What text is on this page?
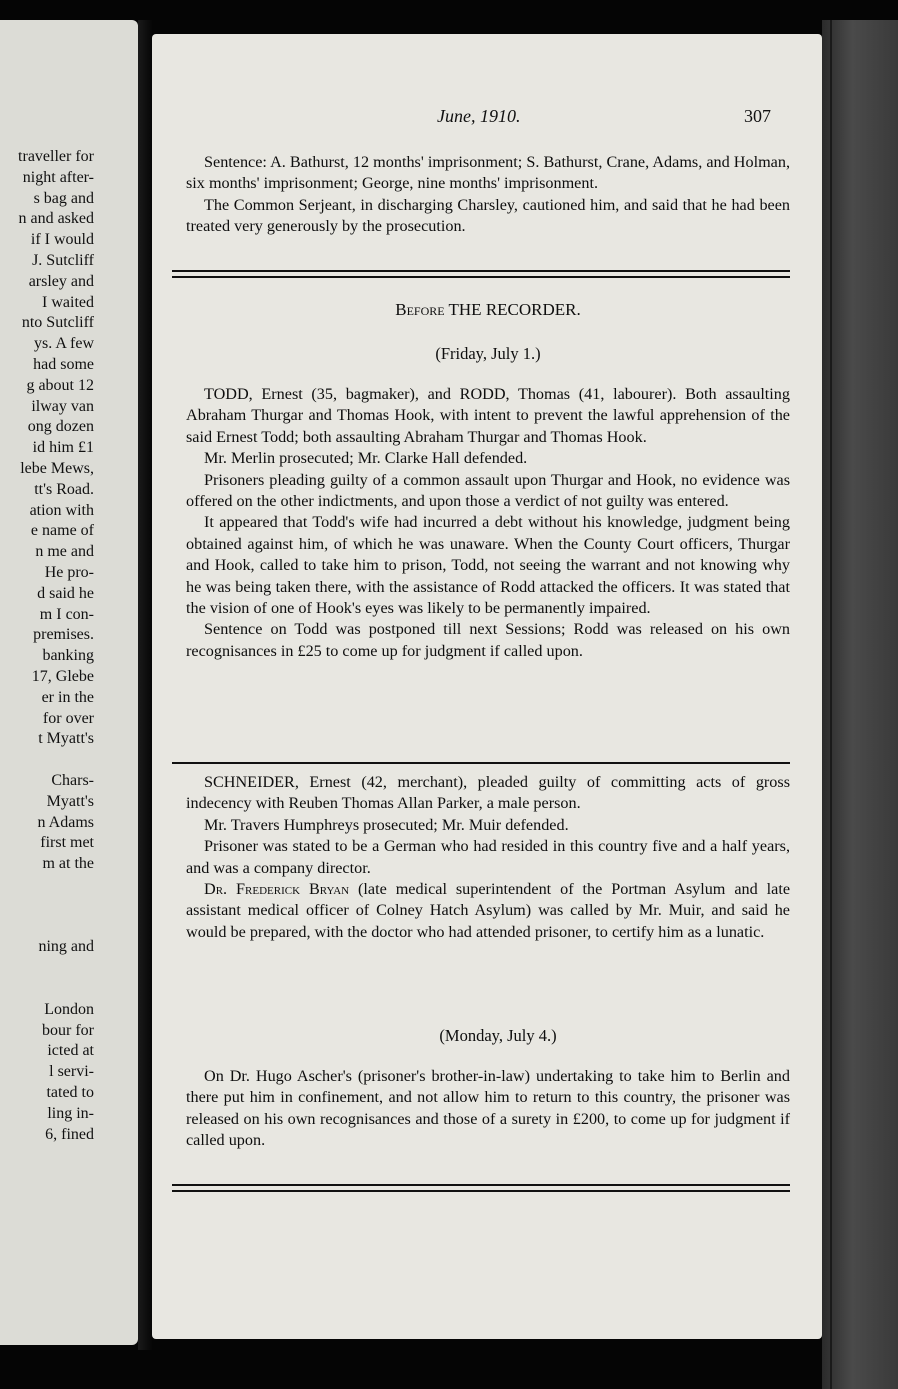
traveller for
night after-
s bag and
n and asked
if I would
J. Sutcliff
arsley and
I waited
nto Sutcliff
ys. A few
had some
g about 12
ilway van
ong dozen
id him £1
lebe Mews,
tt's Road.
ation with
e name of
n me and
He pro-
d said he
m I con-
premises.
banking
17, Glebe
er in the
for over
t Myatt's
Chars-
Myatt's
n Adams
first met
m at the
ning and
London
bour for
icted at
l servi-
tated to
ling in-
6, fined
June, 1910.	307

Sentence: A. Bathurst, 12 months' imprisonment; S. Bathurst, Crane, Adams, and Holman, six months' imprisonment; George, nine months' imprisonment.

The Common Serjeant, in discharging Charsley, cautioned him, and said that he had been treated very generously by the prosecution.

Before THE RECORDER.
(Friday, July 1.)

TODD, Ernest (35, bagmaker), and RODD, Thomas (41, labourer). Both assaulting Abraham Thurgar and Thomas Hook, with intent to prevent the lawful apprehension of the said Ernest Todd; both assaulting Abraham Thurgar and Thomas Hook.

Mr. Merlin prosecuted; Mr. Clarke Hall defended.

Prisoners pleading guilty of a common assault upon Thurgar and Hook, no evidence was offered on the other indictments, and upon those a verdict of not guilty was entered.

It appeared that Todd's wife had incurred a debt without his knowledge, judgment being obtained against him, of which he was unaware. When the County Court officers, Thurgar and Hook, called to take him to prison, Todd, not seeing the warrant and not knowing why he was being taken there, with the assistance of Rodd attacked the officers. It was stated that the vision of one of Hook's eyes was likely to be permanently impaired.

Sentence on Todd was postponed till next Sessions; Rodd was released on his own recognisances in £25 to come up for judgment if called upon.

SCHNEIDER, Ernest (42, merchant), pleaded guilty of committing acts of gross indecency with Reuben Thomas Allan Parker, a male person.

Mr. Travers Humphreys prosecuted; Mr. Muir defended.

Prisoner was stated to be a German who had resided in this country five and a half years, and was a company director.

Dr. Frederick Bryan (late medical superintendent of the Portman Asylum and late assistant medical officer of Colney Hatch Asylum) was called by Mr. Muir, and said he would be prepared, with the doctor who had attended prisoner, to certify him as a lunatic.

(Monday, July 4.)

On Dr. Hugo Ascher's (prisoner's brother-in-law) undertaking to take him to Berlin and there put him in confinement, and not allow him to return to this country, the prisoner was released on his own recognisances and those of a surety in £200, to come up for judgment if called upon.
